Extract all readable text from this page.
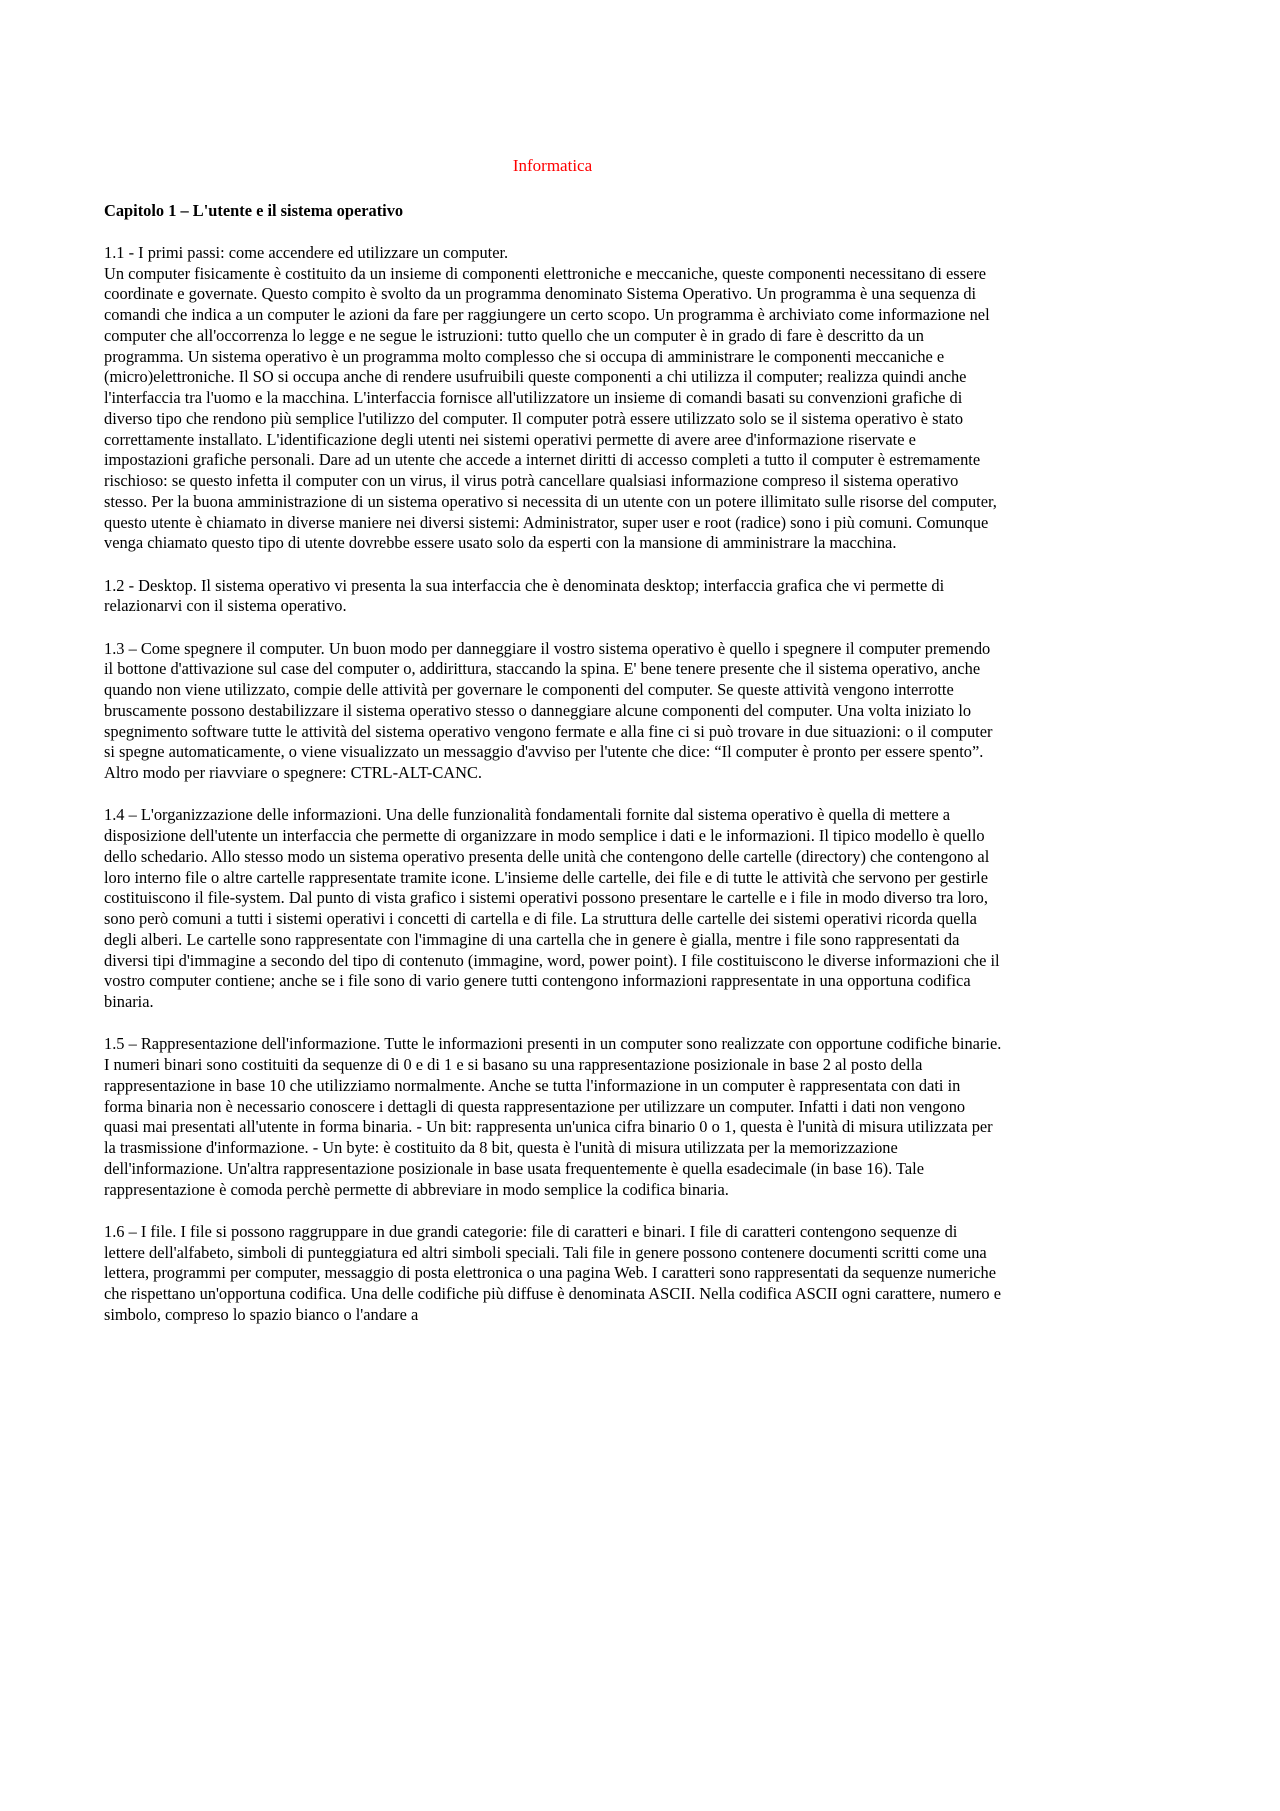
Informatica
Capitolo 1 – L'utente e il sistema operativo
1.1 - I primi passi: come accendere ed utilizzare un computer.
Un computer fisicamente è costituito da un insieme di componenti elettroniche e meccaniche, queste componenti necessitano di essere coordinate e governate. Questo compito è svolto da un programma denominato Sistema Operativo. Un programma è una sequenza di comandi che indica a un computer le azioni da fare per raggiungere un certo scopo. Un programma è archiviato come informazione nel computer che all'occorrenza lo legge e ne segue le istruzioni: tutto quello che un computer è in grado di fare è descritto da un programma. Un sistema operativo è un programma molto complesso che si occupa di amministrare le componenti meccaniche e (micro)elettroniche. Il SO si occupa anche di rendere usufruibili queste componenti a chi utilizza il computer; realizza quindi anche l'interfaccia tra l'uomo e la macchina. L'interfaccia fornisce all'utilizzatore un insieme di comandi basati su convenzioni grafiche di diverso tipo che rendono più semplice l'utilizzo del computer. Il computer potrà essere utilizzato solo se il sistema operativo è stato correttamente installato. L'identificazione degli utenti nei sistemi operativi permette di avere aree d'informazione riservate e impostazioni grafiche personali. Dare ad un utente che accede a internet diritti di accesso completi a tutto il computer è estremamente rischioso: se questo infetta il computer con un virus, il virus potrà cancellare qualsiasi informazione compreso il sistema operativo stesso. Per la buona amministrazione di un sistema operativo si necessita di un utente con un potere illimitato sulle risorse del computer, questo utente è chiamato in diverse maniere nei diversi sistemi: Administrator, super user e root (radice) sono i più comuni. Comunque venga chiamato questo tipo di utente dovrebbe essere usato solo da esperti con la mansione di amministrare la macchina.
1.2 - Desktop. Il sistema operativo vi presenta la sua interfaccia che è denominata desktop; interfaccia grafica che vi permette di relazionarvi con il sistema operativo.
1.3 – Come spegnere il computer. Un buon modo per danneggiare il vostro sistema operativo è quello i spegnere il computer premendo il bottone d'attivazione sul case del computer o, addirittura, staccando la spina. E' bene tenere presente che il sistema operativo, anche quando non viene utilizzato, compie delle attività per governare le componenti del computer. Se queste attività vengono interrotte bruscamente possono destabilizzare il sistema operativo stesso o danneggiare alcune componenti del computer. Una volta iniziato lo spegnimento software tutte le attività del sistema operativo vengono fermate e alla fine ci si può trovare in due situazioni: o il computer si spegne automaticamente, o viene visualizzato un messaggio d'avviso per l'utente che dice: “Il computer è pronto per essere spento”. Altro modo per riavviare o spegnere: CTRL-ALT-CANC.
1.4 – L'organizzazione delle informazioni. Una delle funzionalità fondamentali fornite dal sistema operativo è quella di mettere a disposizione dell'utente un interfaccia che permette di organizzare in modo semplice i dati e le informazioni. Il tipico modello è quello dello schedario. Allo stesso modo un sistema operativo presenta delle unità che contengono delle cartelle (directory) che contengono al loro interno file o altre cartelle rappresentate tramite icone. L'insieme delle cartelle, dei file e di tutte le attività che servono per gestirle costituiscono il file-system. Dal punto di vista grafico i sistemi operativi possono presentare le cartelle e i file in modo diverso tra loro, sono però comuni a tutti i sistemi operativi i concetti di cartella e di file. La struttura delle cartelle dei sistemi operativi ricorda quella degli alberi. Le cartelle sono rappresentate con l'immagine di una cartella che in genere è gialla, mentre i file sono rappresentati da diversi tipi d'immagine a secondo del tipo di contenuto (immagine, word, power point). I file costituiscono le diverse informazioni che il vostro computer contiene; anche se i file sono di vario genere tutti contengono informazioni rappresentate in una opportuna codifica binaria.
1.5 – Rappresentazione dell'informazione. Tutte le informazioni presenti in un computer sono realizzate con opportune codifiche binarie. I numeri binari sono costituiti da sequenze di 0 e di 1 e si basano su una rappresentazione posizionale in base 2 al posto della rappresentazione in base 10 che utilizziamo normalmente. Anche se tutta l'informazione in un computer è rappresentata con dati in forma binaria non è necessario conoscere i dettagli di questa rappresentazione per utilizzare un computer. Infatti i dati non vengono quasi mai presentati all'utente in forma binaria. - Un bit: rappresenta un'unica cifra binario 0 o 1, questa è l'unità di misura utilizzata per la trasmissione d'informazione. - Un byte: è costituito da 8 bit, questa è l'unità di misura utilizzata per la memorizzazione dell'informazione. Un'altra rappresentazione posizionale in base usata frequentemente è quella esadecimale (in base 16). Tale rappresentazione è comoda perchè permette di abbreviare in modo semplice la codifica binaria.
1.6 – I file. I file si possono raggruppare in due grandi categorie: file di caratteri e binari. I file di caratteri contengono sequenze di lettere dell'alfabeto, simboli di punteggiatura ed altri simboli speciali. Tali file in genere possono contenere documenti scritti come una lettera, programmi per computer, messaggio di posta elettronica o una pagina Web. I caratteri sono rappresentati da sequenze numeriche che rispettano un'opportuna codifica. Una delle codifiche più diffuse è denominata ASCII. Nella codifica ASCII ogni carattere, numero e simbolo, compreso lo spazio bianco o l'andare a
